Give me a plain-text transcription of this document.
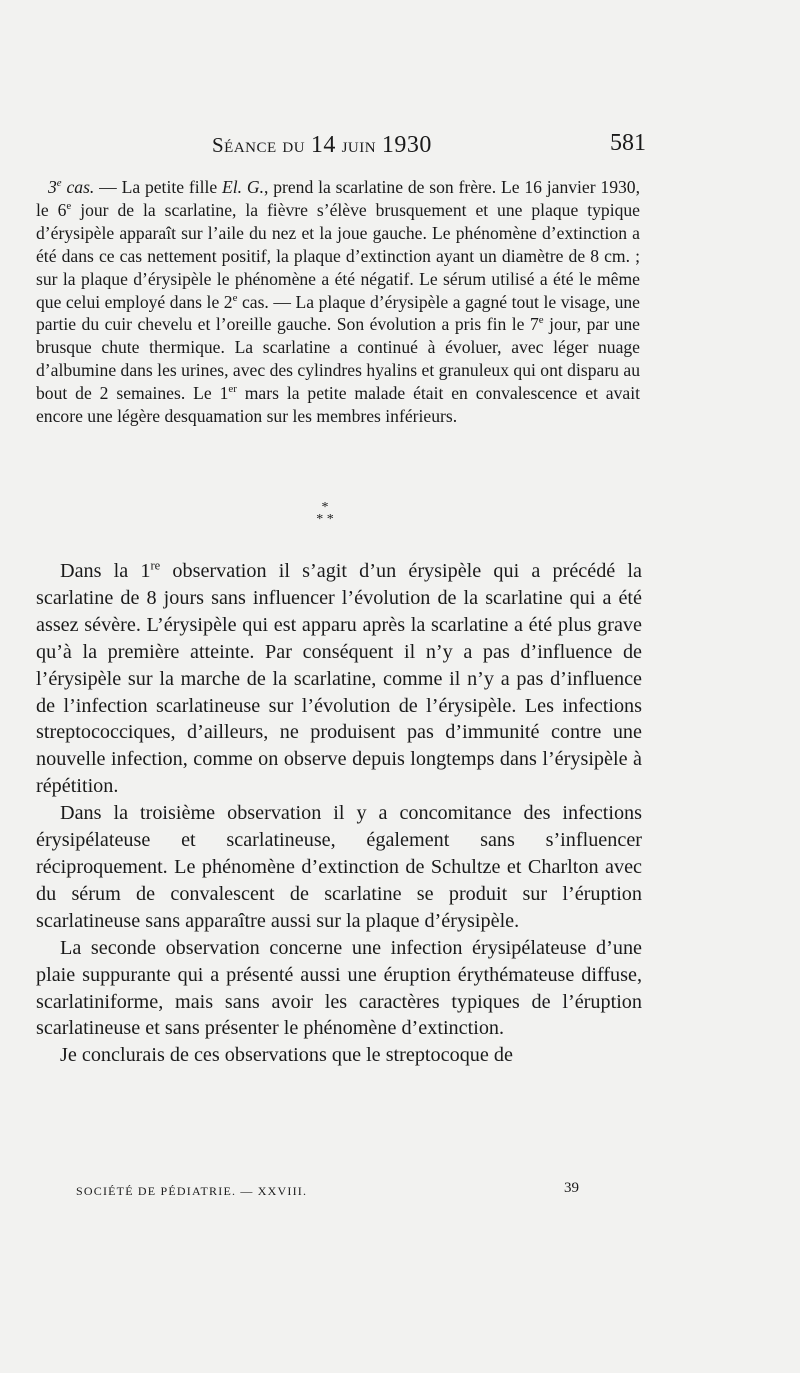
Séance du 14 juin 1930	581
3e cas. — La petite fille El. G., prend la scarlatine de son frère. Le 16 janvier 1930, le 6e jour de la scarlatine, la fièvre s’élève brusquement et une plaque typique d’érysipèle apparaît sur l’aile du nez et la joue gauche. Le phénomène d’extinction a été dans ce cas nettement positif, la plaque d’extinction ayant un diamètre de 8 cm. ; sur la plaque d’érysipèle le phénomène a été négatif. Le sérum utilisé a été le même que celui employé dans le 2e cas. — La plaque d’érysipèle a gagné tout le visage, une partie du cuir chevelu et l’oreille gauche. Son évolution a pris fin le 7e jour, par une brusque chute thermique. La scarlatine a continué à évoluer, avec léger nuage d’albumine dans les urines, avec des cylindres hyalins et granuleux qui ont disparu au bout de 2 semaines. Le 1er mars la petite malade était en convalescence et avait encore une légère desquamation sur les membres inférieurs.
*
* *

Dans la 1re observation il s’agit d’un érysipèle qui a précédé la scarlatine de 8 jours sans influencer l’évolution de la scarlatine qui a été assez sévère. L’érysipèle qui est apparu après la scarlatine a été plus grave qu’à la première atteinte. Par conséquent il n’y a pas d’influence de l’érysipèle sur la marche de la scarlatine, comme il n’y a pas d’influence de l’infection scarlatineuse sur l’évolution de l’érysipèle. Les infections streptococciques, d’ailleurs, ne produisent pas d’immunité contre une nouvelle infection, comme on observe depuis longtemps dans l’érysipèle à répétition.

Dans la troisième observation il y a concomitance des infections érysipélateuse et scarlatineuse, également sans s’influencer réciproquement. Le phénomène d’extinction de Schultze et Charlton avec du sérum de convalescent de scarlatine se produit sur l’éruption scarlatineuse sans apparaître aussi sur la plaque d’érysipèle.

La seconde observation concerne une infection érysipélateuse d’une plaie suppurante qui a présenté aussi une éruption érythémateuse diffuse, scarlatiniforme, mais sans avoir les caractères typiques de l’éruption scarlatineuse et sans présenter le phénomène d’extinction.

Je conclurais de ces observations que le streptocoque de

SOCIÉTÉ DE PÉDIATRIE. — XXVIII.	39
